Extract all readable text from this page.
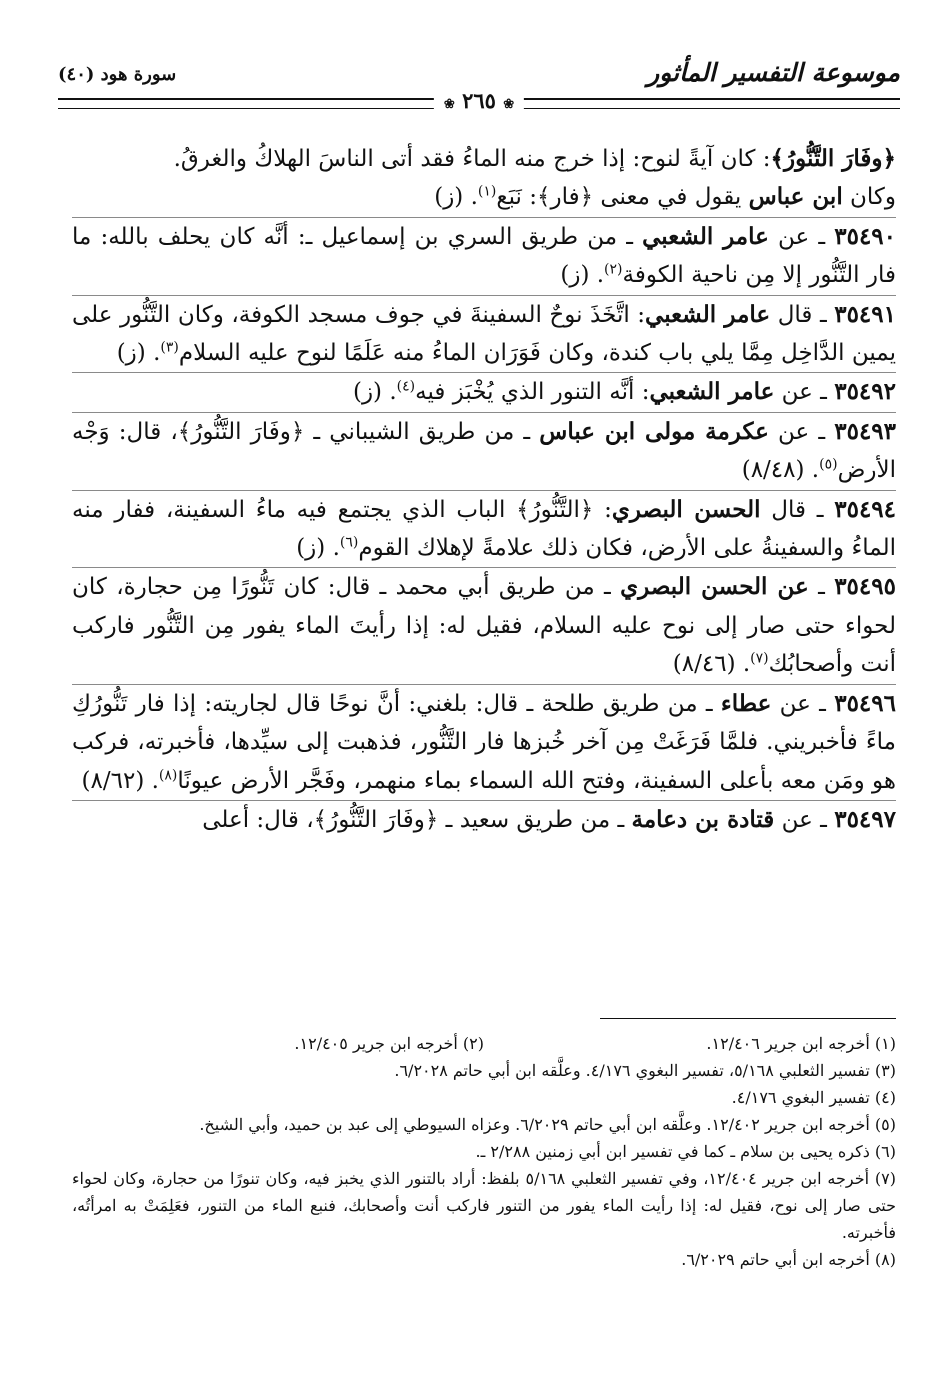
موسوعة التفسير المأثور
سورة هود (٤٠)
❀ ٢٦٥ ❀

﴿وفَارَ التَّنُّورُ﴾: كان آيةً لنوح: إذا خرج منه الماءُ فقد أتى الناسَ الهلاكُ والغرقُ.
وكان ابن عباس يقول في معنى ﴿فار﴾: نَبَع$^{(١)}$. (ز)

٣٥٤٩٠ ـ عن عامر الشعبي ـ من طريق السري بن إسماعيل ـ: أنَّه كان يحلف بالله: ما فار التَّنُّور إلا مِن ناحية الكوفة$^{(٢)}$. (ز)

٣٥٤٩١ ـ قال عامر الشعبي: اتَّخَذَ نوحٌ السفينةَ في جوف مسجد الكوفة، وكان التَّنُّور على يمين الدَّاخِل مِمَّا يلي باب كندة، وكان فَوَرَان الماءُ منه عَلَمًا لنوح عليه السلام$^{(٣)}$. (ز)

٣٥٤٩٢ ـ عن عامر الشعبي: أنَّه التنور الذي يُخْبَز فيه$^{(٤)}$. (ز)

٣٥٤٩٣ ـ عن عكرمة مولى ابن عباس ـ من طريق الشيباني ـ ﴿وفَارَ التَّنُّورُ﴾، قال: وَجْه الأرض$^{(٥)}$. (٨/٤٨)

٣٥٤٩٤ ـ قال الحسن البصري: ﴿التَّنُّورُ﴾ الباب الذي يجتمع فيه ماءُ السفينة، ففار منه الماءُ والسفينةُ على الأرض، فكان ذلك علامةً لإهلاك القوم$^{(٦)}$. (ز)

٣٥٤٩٥ ـ عن الحسن البصري ـ من طريق أبي محمد ـ قال: كان تَنُّورًا مِن حجارة، كان لحواء حتى صار إلى نوح عليه السلام، فقيل له: إذا رأيتَ الماء يفور مِن التَّنُّور فاركب أنت وأصحابُك$^{(٧)}$. (٨/٤٦)

٣٥٤٩٦ ـ عن عطاء ـ من طريق طلحة ـ قال: بلغني: أنَّ نوحًا قال لجاريته: إذا فار تَنُّورُكِ ماءً فأخبريني. فلمَّا فَرَغَتْ مِن آخر خُبزها فار التَّنُّور، فذهبت إلى سيِّدها، فأخبرته، فركب هو ومَن معه بأعلى السفينة، وفتح الله السماء بماء منهمر، وفَجَّر الأرض عيونًا$^{(٨)}$. (٨/٦٢)

٣٥٤٩٧ ـ عن قتادة بن دعامة ـ من طريق سعيد ـ ﴿وفَارَ التَّنُّورُ﴾، قال: أعلى

(١) أخرجه ابن جرير ١٢/٤٠٦.

(٢) أخرجه ابن جرير ١٢/٤٠٥.

(٣) تفسير الثعلبي ٥/١٦٨، تفسير البغوي ٤/١٧٦. وعلَّقه ابن أبي حاتم ٦/٢٠٢٨.

(٤) تفسير البغوي ٤/١٧٦.

(٥) أخرجه ابن جرير ١٢/٤٠٢. وعلَّقه ابن أبي حاتم ٦/٢٠٢٩. وعزاه السيوطي إلى عبد بن حميد، وأبي الشيخ.

(٦) ذكره يحيى بن سلام ـ كما في تفسير ابن أبي زمنين ٢/٢٨٨ ـ.

(٧) أخرجه ابن جرير ١٢/٤٠٤، وفي تفسير الثعلبي ٥/١٦٨ بلفظ: أراد بالتنور الذي يخبز فيه، وكان تنورًا من حجارة، وكان لحواء حتى صار إلى نوح، فقيل له: إذا رأيت الماء يفور من التنور فاركب أنت وأصحابك، فنبع الماء من التنور، فعَلِمَتْ به امرأتُه، فأخبرته.

(٨) أخرجه ابن أبي حاتم ٦/٢٠٢٩.
